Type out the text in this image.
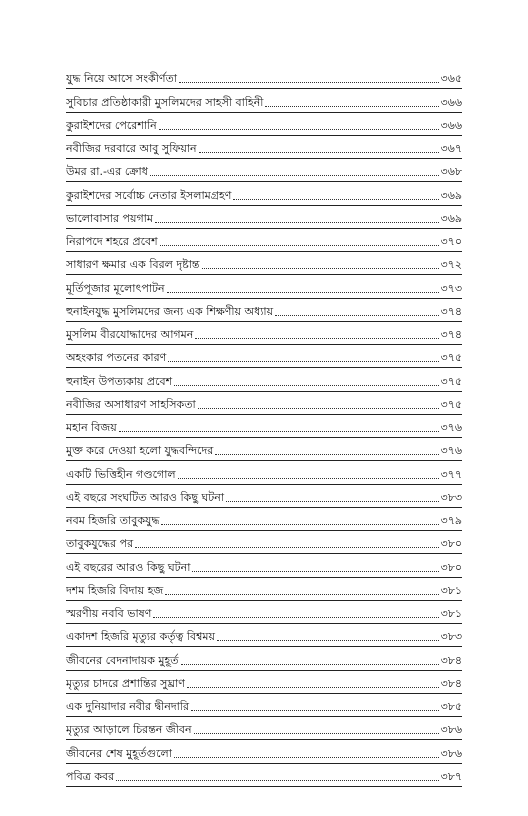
যুদ্ধ নিয়ে আসে সংকীর্ণতা	৩৬৫
সুবিচার প্রতিষ্ঠাকারী মুসলিমদের সাহসী বাহিনী	৩৬৬
কুরাইশদের পেরেশানি	৩৬৬
নবীজির দরবারে আবু সুফিয়ান	৩৬৭
উমর রা.-এর ক্রোধ	৩৬৮
কুরাইশদের সর্বোচ্চ নেতার ইসলামগ্রহণ	৩৬৯
ভালোবাসার পয়গাম	৩৬৯
নিরাপদে শহরে প্রবেশ	৩৭০
সাধারণ ক্ষমার এক বিরল দৃষ্টান্ত	৩৭২
মূর্তিপূজার মূলোৎপাটন	৩৭৩
হুনাইনযুদ্ধ মুসলিমদের জন্য এক শিক্ষণীয় অধ্যায়	৩৭৪
মুসলিম বীরযোদ্ধাদের আগমন	৩৭৪
অহংকার পতনের কারণ	৩৭৫
হুনাইন উপত্যকায় প্রবেশ	৩৭৫
নবীজির অসাধারণ সাহসিকতা	৩৭৫
মহান বিজয়	৩৭৬
মুক্ত করে দেওয়া হলো যুদ্ধবন্দিদের	৩৭৬
একটি ভিত্তিহীন গণ্ডগোল	৩৭৭
এই বছরে সংঘটিত আরও কিছু ঘটনা	৩৮৩
নবম হিজরি তাবুকযুদ্ধ	৩৭৯
তাবুকযুদ্ধের পর	৩৮০
এই বছরের আরও কিছু ঘটনা	৩৮০
দশম হিজরি বিদায় হজ	৩৮১
স্মরণীয় নববি ভাষণ	৩৮১
একাদশ হিজরি মৃত্যুর কর্তৃত্ব বিশ্বময়	৩৮৩
জীবনের বেদনাদায়ক মুহূর্ত	৩৮৪
মৃত্যুর চাদরে প্রশান্তির সুঘ্রাণ	৩৮৪
এক দুনিয়াদার নবীর দ্বীনদারি	৩৮৫
মৃত্যুর আড়ালে চিরন্তন জীবন	৩৮৬
জীবনের শেষ মুহূর্তগুলো	৩৮৬
পবিত্র কবর	৩৮৭
